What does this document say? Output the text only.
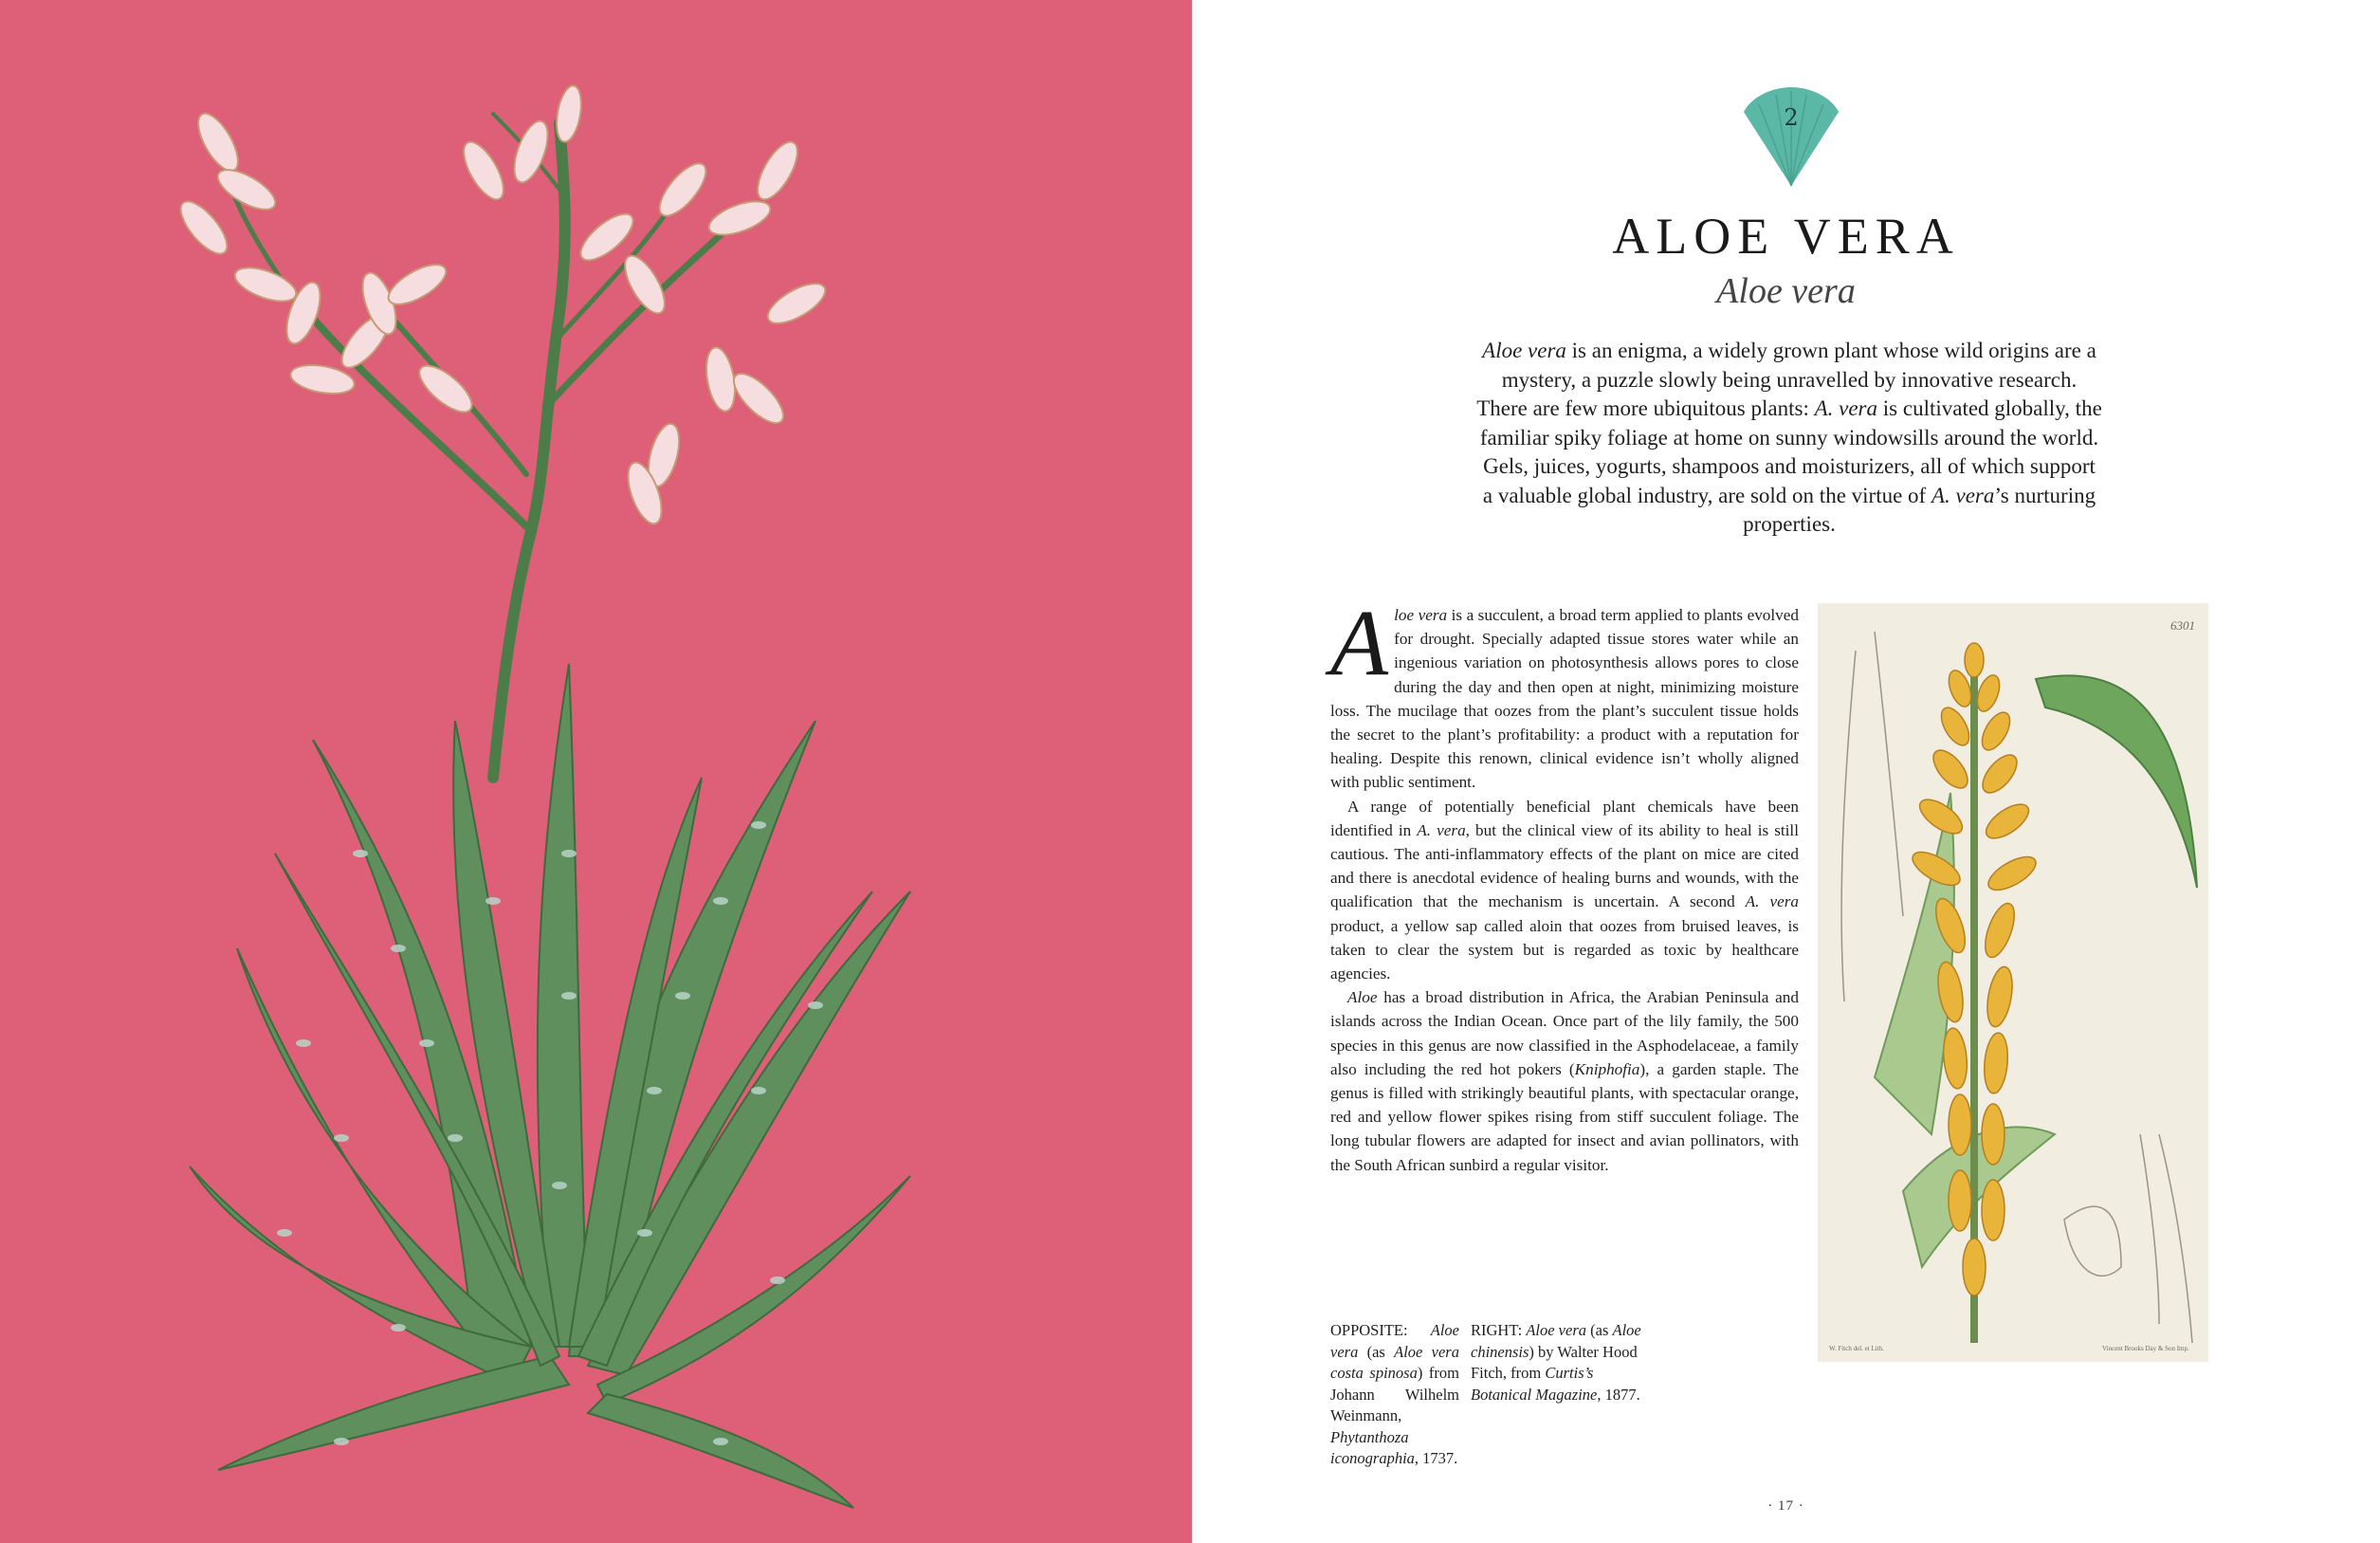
2
ALOE VERA
Aloe vera

Aloe vera is an enigma, a widely grown plant whose wild origins are a mystery, a puzzle slowly being unravelled by innovative research. There are few more ubiquitous plants: A. vera is cultivated globally, the familiar spiky foliage at home on sunny windowsills around the world. Gels, juices, yogurts, shampoos and moisturizers, all of which support a valuable global industry, are sold on the virtue of A. vera’s nurturing properties.

Aloe vera is a succulent, a broad term applied to plants evolved for drought. Specially adapted tissue stores water while an ingenious variation on photosynthesis allows pores to close during the day and then open at night, minimizing moisture loss. The mucilage that oozes from the plant’s succulent tissue holds the secret to the plant’s profitability: a product with a reputation for healing. Despite this renown, clinical evidence isn’t wholly aligned with public sentiment.

A range of potentially beneficial plant chemicals have been identified in A. vera, but the clinical view of its ability to heal is still cautious. The anti-inflammatory effects of the plant on mice are cited and there is anecdotal evidence of healing burns and wounds, with the qualification that the mechanism is uncertain. A second A. vera product, a yellow sap called aloin that oozes from bruised leaves, is taken to clear the system but is regarded as toxic by healthcare agencies.

Aloe has a broad distribution in Africa, the Arabian Peninsula and islands across the Indian Ocean. Once part of the lily family, the 500 species in this genus are now classified in the Asphodelaceae, a family also including the red hot pokers (Kniphofia), a garden staple. The genus is filled with strikingly beautiful plants, with spectacular orange, red and yellow flower spikes rising from stiff succulent foliage. The long tubular flowers are adapted for insect and avian pollinators, with the South African sunbird a regular visitor.

6301
W. Fitch del. et Lith.	Vincent Brooks Day & Son Imp.

OPPOSITE: Aloe vera (as Aloe vera costa spinosa) from Johann Wilhelm Weinmann, Phytanthoza iconographia, 1737.

RIGHT: Aloe vera (as Aloe chinensis) by Walter Hood Fitch, from Curtis’s Botanical Magazine, 1877.

· 17 ·
